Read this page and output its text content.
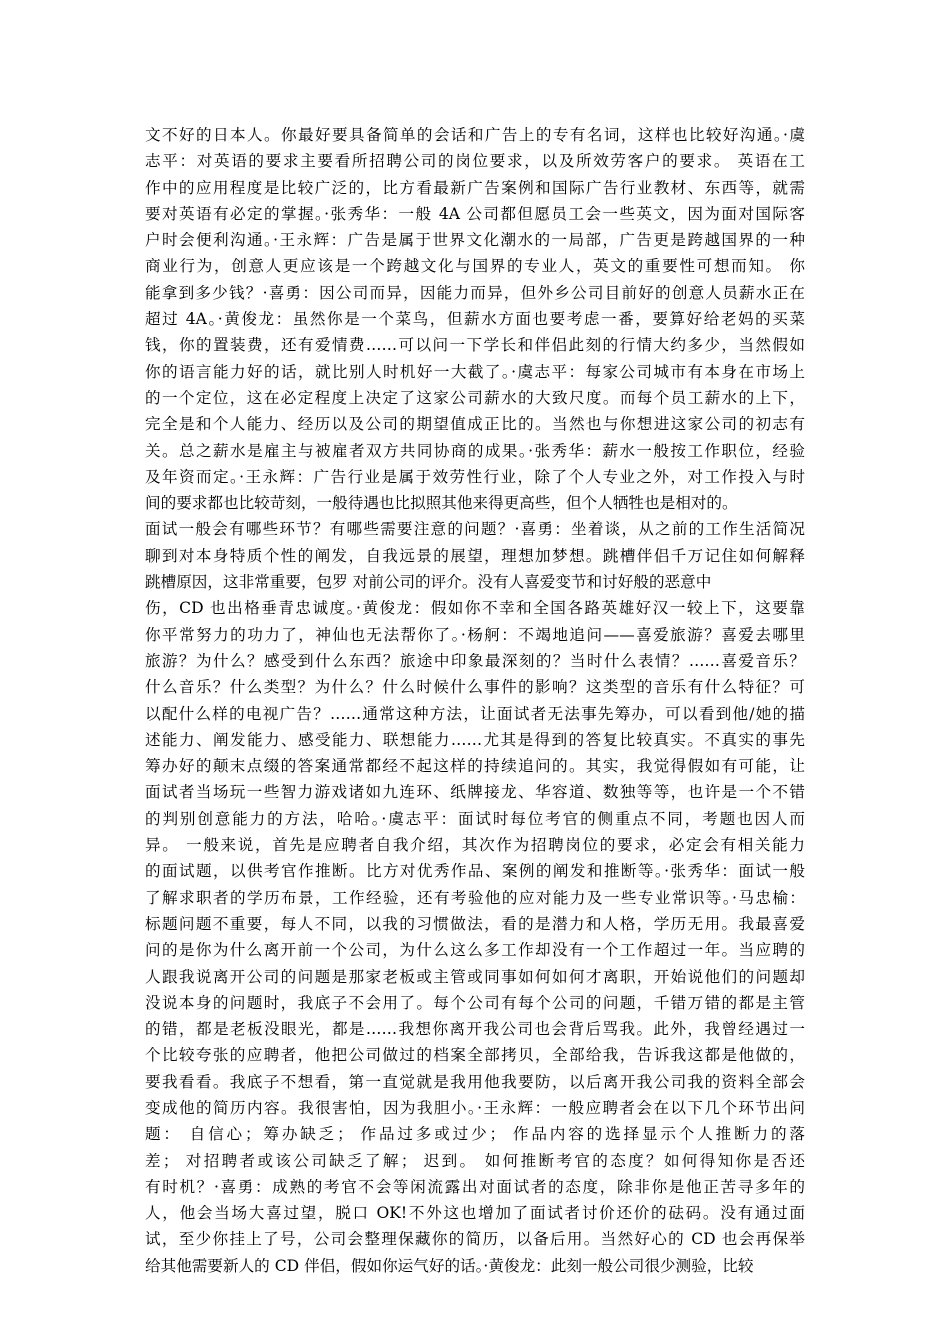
文不好的日本人。你最好要具备简单的会话和广告上的专有名词，这样也比较好沟通。·虞
志平：对英语的要求主要看所招聘公司的岗位要求，以及所效劳客户的要求。 英语在工
作中的应用程度是比较广泛的，比方看最新广告案例和国际广告行业教材、东西等，就需
要对英语有必定的掌握。·张秀华：一般 4A 公司都但愿员工会一些英文，因为面对国际客
户时会便利沟通。·王永辉：广告是属于世界文化潮水的一局部，广告更是跨越国界的一种
商业行为，创意人更应该是一个跨越文化与国界的专业人，英文的重要性可想而知。 你
能拿到多少钱？·喜勇：因公司而异，因能力而异，但外乡公司目前好的创意人员薪水正在
超过 4A。·黄俊龙：虽然你是一个菜鸟，但薪水方面也要考虑一番，要算好给老妈的买菜
钱，你的置装费，还有爱情费……可以问一下学长和伴侣此刻的行情大约多少，当然假如
你的语言能力好的话，就比别人时机好一大截了。·虞志平：每家公司城市有本身在市场上
的一个定位，这在必定程度上决定了这家公司薪水的大致尺度。而每个员工薪水的上下，
完全是和个人能力、经历以及公司的期望值成正比的。当然也与你想进这家公司的初志有
关。总之薪水是雇主与被雇者双方共同协商的成果。·张秀华：薪水一般按工作职位，经验
及年资而定。·王永辉：广告行业是属于效劳性行业，除了个人专业之外，对工作投入与时
间的要求都也比较苛刻，一般待遇也比拟照其他来得更高些，但个人牺牲也是相对的。
面试一般会有哪些环节？有哪些需要注意的问题？·喜勇：坐着谈，从之前的工作生活简况
聊到对本身特质个性的阐发，自我远景的展望，理想加梦想。跳槽伴侣千万记住如何解释
跳槽原因，这非常重要，包罗 对前公司的评介。没有人喜爱变节和讨好般的恶意中
伤，CD 也出格垂青忠诚度。·黄俊龙：假如你不幸和全国各路英雄好汉一较上下，这要靠
你平常努力的功力了，神仙也无法帮你了。·杨舸：不竭地追问——喜爱旅游？喜爱去哪里
旅游？为什么？感受到什么东西？旅途中印象最深刻的？当时什么表情？……喜爱音乐？
什么音乐？什么类型？为什么？什么时候什么事件的影响？这类型的音乐有什么特征？可
以配什么样的电视广告？……通常这种方法，让面试者无法事先筹办，可以看到他/她的描
述能力、阐发能力、感受能力、联想能力……尤其是得到的答复比较真实。不真实的事先
筹办好的颠末点缀的答案通常都经不起这样的持续追问的。其实，我觉得假如有可能，让
面试者当场玩一些智力游戏诸如九连环、纸牌接龙、华容道、数独等等，也许是一个不错
的判别创意能力的方法，哈哈。·虞志平：面试时每位考官的侧重点不同，考题也因人而
异。 一般来说，首先是应聘者自我介绍，其次作为招聘岗位的要求，必定会有相关能力
的面试题，以供考官作推断。比方对优秀作品、案例的阐发和推断等。·张秀华：面试一般
了解求职者的学历布景，工作经验，还有考验他的应对能力及一些专业常识等。·马忠榆：
标题问题不重要，每人不同，以我的习惯做法，看的是潜力和人格，学历无用。我最喜爱
问的是你为什么离开前一个公司，为什么这么多工作却没有一个工作超过一年。当应聘的
人跟我说离开公司的问题是那家老板或主管或同事如何如何才离职，开始说他们的问题却
没说本身的问题时，我底子不会用了。每个公司有每个公司的问题，千错万错的都是主管
的错，都是老板没眼光，都是……我想你离开我公司也会背后骂我。此外，我曾经遇过一
个比较夸张的应聘者，他把公司做过的档案全部拷贝，全部给我，告诉我这都是他做的，
要我看看。我底子不想看，第一直觉就是我用他我要防，以后离开我公司我的资料全部会
变成他的简历内容。我很害怕，因为我胆小。·王永辉：一般应聘者会在以下几个环节出问
题： 自信心；筹办缺乏； 作品过多或过少； 作品内容的选择显示个人推断力的落
差； 对招聘者或该公司缺乏了解； 迟到。 如何推断考官的态度？如何得知你是否还
有时机？·喜勇：成熟的考官不会等闲流露出对面试者的态度，除非你是他正苦寻多年的
人，他会当场大喜过望，脱口 OK!不外这也增加了面试者讨价还价的砝码。没有通过面
试，至少你挂上了号，公司会整理保藏你的简历，以备后用。当然好心的 CD 也会再保举
给其他需要新人的 CD 伴侣，假如你运气好的话。·黄俊龙：此刻一般公司很少测验，比较
